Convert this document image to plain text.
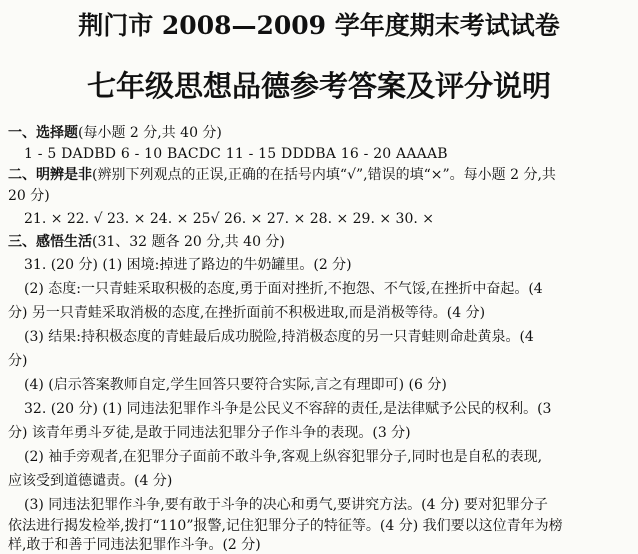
荆门市 2008—2009 学年度期末考试试卷
七年级思想品德参考答案及评分说明
一、选择题(每小题 2 分,共 40 分)
1 - 5 DADBD 6 - 10 BACDC 11 - 15 DDDBA 16 - 20 AAAAB
二、明辨是非(辨别下列观点的正误,正确的在括号内填“√”,错误的填“×”。每小题 2 分,共
20 分)
21. × 22. √ 23. × 24. × 25√ 26. × 27. × 28. × 29. × 30. ×
三、感悟生活(31、32 题各 20 分,共 40 分)
31. (20 分) (1) 困境:掉进了路边的牛奶罐里。(2 分)
(2) 态度:一只青蛙采取积极的态度,勇于面对挫折,不抱怨、不气馁,在挫折中奋起。(4
分) 另一只青蛙采取消极的态度,在挫折面前不积极进取,而是消极等待。(4 分)
(3) 结果:持积极态度的青蛙最后成功脱险,持消极态度的另一只青蛙则命赴黄泉。(4
分)
(4) (启示答案教师自定,学生回答只要符合实际,言之有理即可) (6 分)
32. (20 分) (1) 同违法犯罪作斗争是公民义不容辞的责任,是法律赋予公民的权利。(3
分) 该青年勇斗歹徒,是敢于同违法犯罪分子作斗争的表现。(3 分)
(2) 袖手旁观者,在犯罪分子面前不敢斗争,客观上纵容犯罪分子,同时也是自私的表现,
应该受到道德谴责。(4 分)
(3) 同违法犯罪作斗争,要有敢于斗争的决心和勇气,要讲究方法。(4 分) 要对犯罪分子
依法进行揭发检举,拨打“110”报警,记住犯罪分子的特征等。(4 分) 我们要以这位青年为榜
样,敢于和善于同违法犯罪作斗争。(2 分)
